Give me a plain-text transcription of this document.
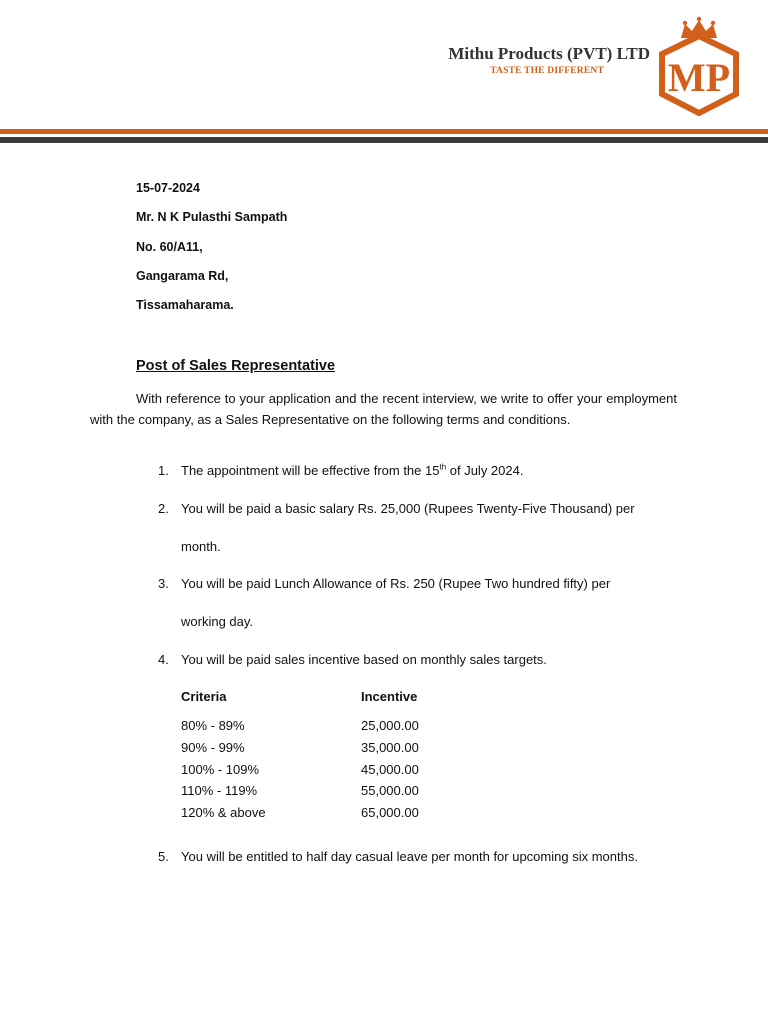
Mithu Products (PVT) LTD
TASTE THE DIFFERENT MP
15-07-2024
Mr. N K Pulasthi Sampath
No. 60/A11,
Gangarama Rd,
Tissamaharama.
Post of Sales Representative

With reference to your application and the recent interview, we write to offer your employment with the company, as a Sales Representative on the following terms and conditions.

1. The appointment will be effective from the 15th of July 2024.
2. You will be paid a basic salary Rs. 25,000 (Rupees Twenty-Five Thousand) per
month.
3. You will be paid Lunch Allowance of Rs. 250 (Rupee Two hundred fifty) per
working day.
4. You will be paid sales incentive based on monthly sales targets.
Criteria	Incentive
80% - 89%	25,000.00
90% - 99%	35,000.00
100% - 109%	45,000.00
110% - 119%	55,000.00
120% & above	65,000.00
5. You will be entitled to half day casual leave per month for upcoming six months.
